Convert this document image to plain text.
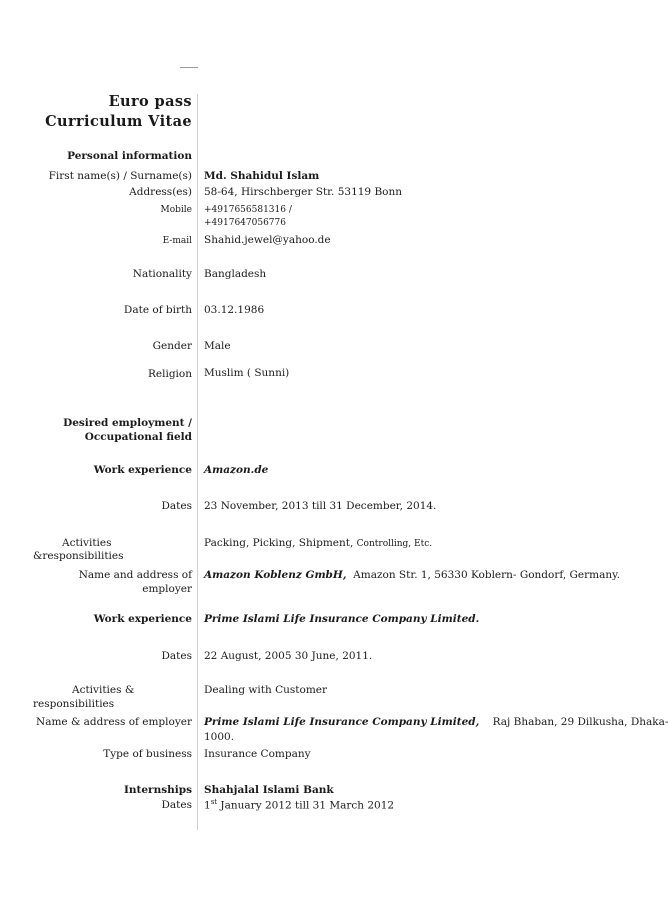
Euro pass
Curriculum Vitae
Personal information
First name(s) / Surname(s) Md. Shahidul Islam
Address(es) 58-64, Hirschberger Str. 53119 Bonn
Mobile +4917656581316 /
+4917647056776
E-mail Shahid.jewel@yahoo.de
Nationality Bangladesh
Date of birth 03.12.1986
Gender Male
Religion Muslim ( Sunni)
Desired employment /
Occupational field
Work experience Amazon.de
Dates 23 November, 2013 till 31 December, 2014.
Activities
&responsibilities
Packing, Picking, Shipment, Controlling, Etc.
Name and address of
employer
Amazon Koblenz GmbH, Amazon Str. 1, 56330 Koblern- Gondorf, Germany.
Work experience Prime Islami Life Insurance Company Limited.
Dates 22 August, 2005 30 June, 2011.
Activities &
responsibilities
Dealing with Customer
Name & address of employer Prime Islami Life Insurance Company Limited, Raj Bhaban, 29 Dilkusha, Dhaka-
1000.
Type of business Insurance Company
Internships Shahjalal Islami Bank
Dates 1st January 2012 till 31 March 2012
